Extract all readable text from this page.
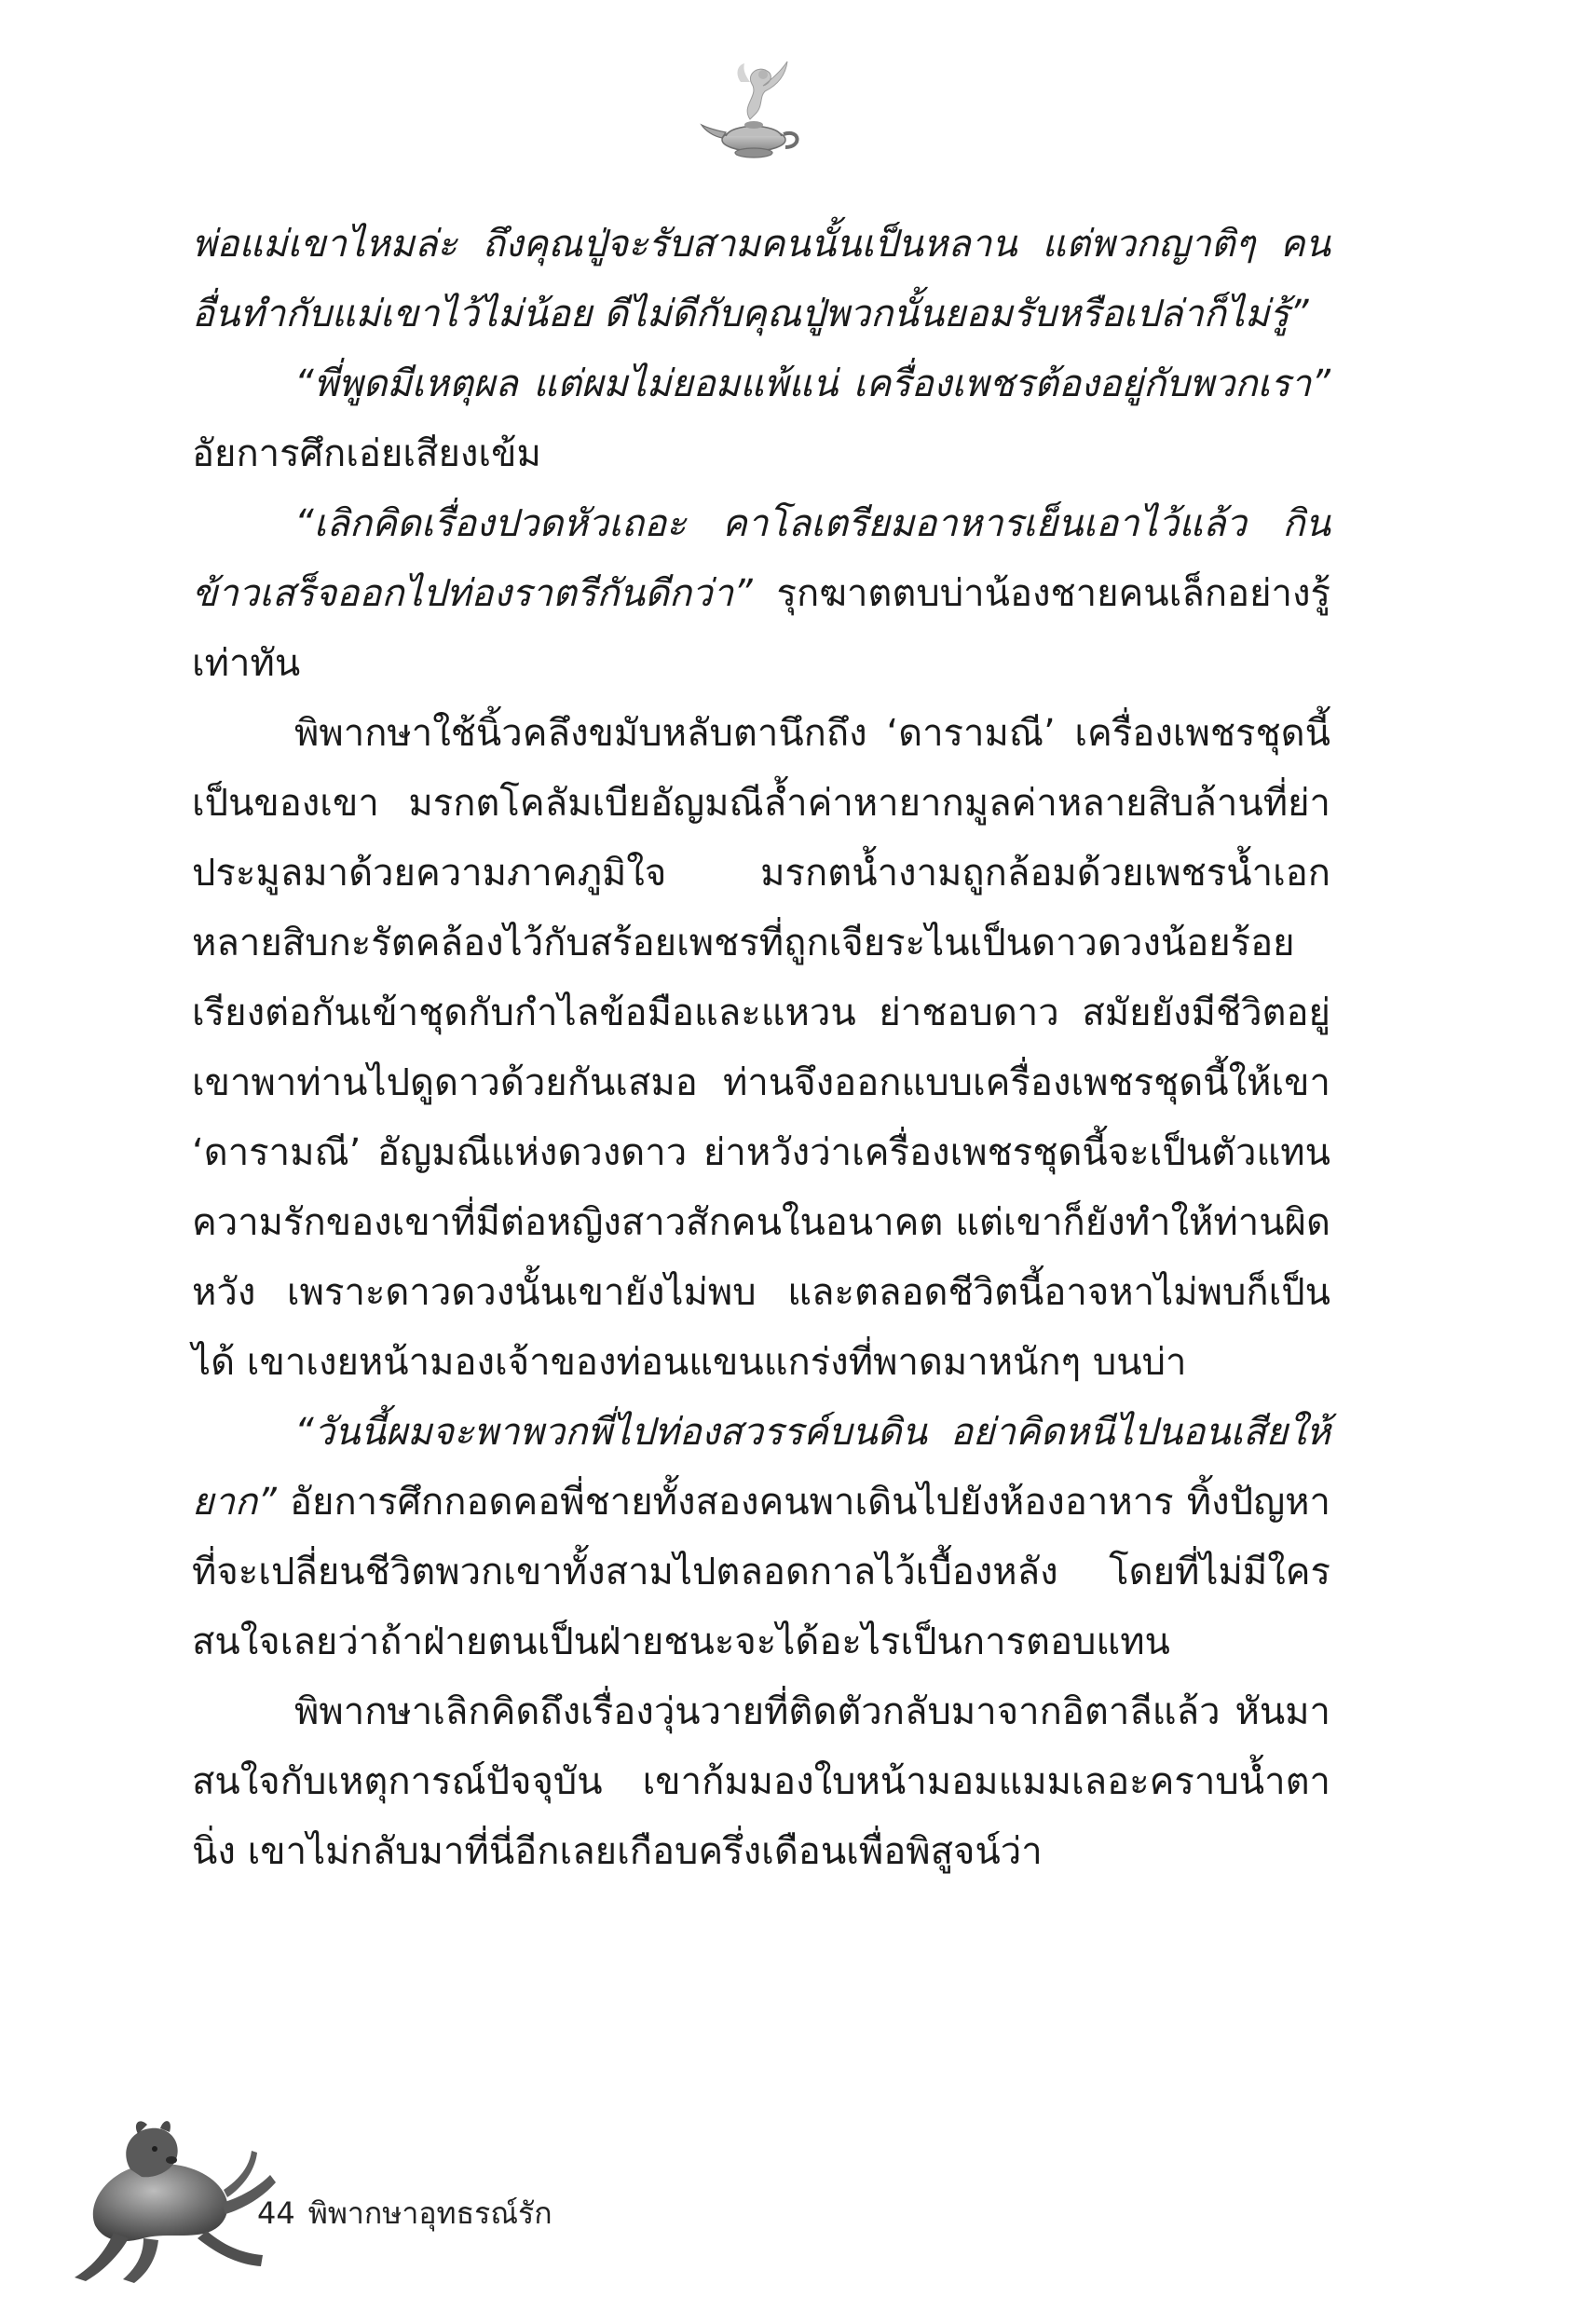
พ่อแม่เขาไหมล่ะ ถึงคุณปู่จะรับสามคนนั้นเป็นหลาน แต่พวกญาติๆ คนอื่นทำกับแม่เขาไว้ไม่น้อย ดีไม่ดีกับคุณปู่พวกนั้นยอมรับหรือเปล่าก็ไม่รู้”

“พี่พูดมีเหตุผล แต่ผมไม่ยอมแพ้แน่ เครื่องเพชรต้องอยู่กับพวกเรา” อัยการศึกเอ่ยเสียงเข้ม

“เลิกคิดเรื่องปวดหัวเถอะ คาโลเตรียมอาหารเย็นเอาไว้แล้ว กินข้าวเสร็จออกไปท่องราตรีกันดีกว่า” รุกฆาตตบบ่าน้องชายคนเล็กอย่างรู้เท่าทัน

พิพากษาใช้นิ้วคลึงขมับหลับตานึกถึง ‘ดารามณี’ เครื่องเพชรชุดนี้เป็นของเขา มรกตโคลัมเบียอัญมณีล้ำค่าหายากมูลค่าหลายสิบล้านที่ย่าประมูลมาด้วยความภาคภูมิใจ มรกตน้ำงามถูกล้อมด้วยเพชรน้ำเอกหลายสิบกะรัตคล้องไว้กับสร้อยเพชรที่ถูกเจียระไนเป็นดาวดวงน้อยร้อยเรียงต่อกันเข้าชุดกับกำไลข้อมือและแหวน ย่าชอบดาว สมัยยังมีชีวิตอยู่เขาพาท่านไปดูดาวด้วยกันเสมอ ท่านจึงออกแบบเครื่องเพชรชุดนี้ให้เขา ‘ดารามณี’ อัญมณีแห่งดวงดาว ย่าหวังว่าเครื่องเพชรชุดนี้จะเป็นตัวแทนความรักของเขาที่มีต่อหญิงสาวสักคนในอนาคต แต่เขาก็ยังทำให้ท่านผิดหวัง เพราะดาวดวงนั้นเขายังไม่พบ และตลอดชีวิตนี้อาจหาไม่พบก็เป็นได้ เขาเงยหน้ามองเจ้าของท่อนแขนแกร่งที่พาดมาหนักๆ บนบ่า

“วันนี้ผมจะพาพวกพี่ไปท่องสวรรค์บนดิน อย่าคิดหนีไปนอนเสียให้ยาก” อัยการศึกกอดคอพี่ชายทั้งสองคนพาเดินไปยังห้องอาหาร ทิ้งปัญหาที่จะเปลี่ยนชีวิตพวกเขาทั้งสามไปตลอดกาลไว้เบื้องหลัง โดยที่ไม่มีใครสนใจเลยว่าถ้าฝ่ายตนเป็นฝ่ายชนะจะได้อะไรเป็นการตอบแทน

พิพากษาเลิกคิดถึงเรื่องวุ่นวายที่ติดตัวกลับมาจากอิตาลีแล้ว หันมาสนใจกับเหตุการณ์ปัจจุบัน เขาก้มมองใบหน้ามอมแมมเลอะคราบน้ำตานิ่ง เขาไม่กลับมาที่นี่อีกเลยเกือบครึ่งเดือนเพื่อพิสูจน์ว่า

44 พิพากษาอุทธรณ์รัก
